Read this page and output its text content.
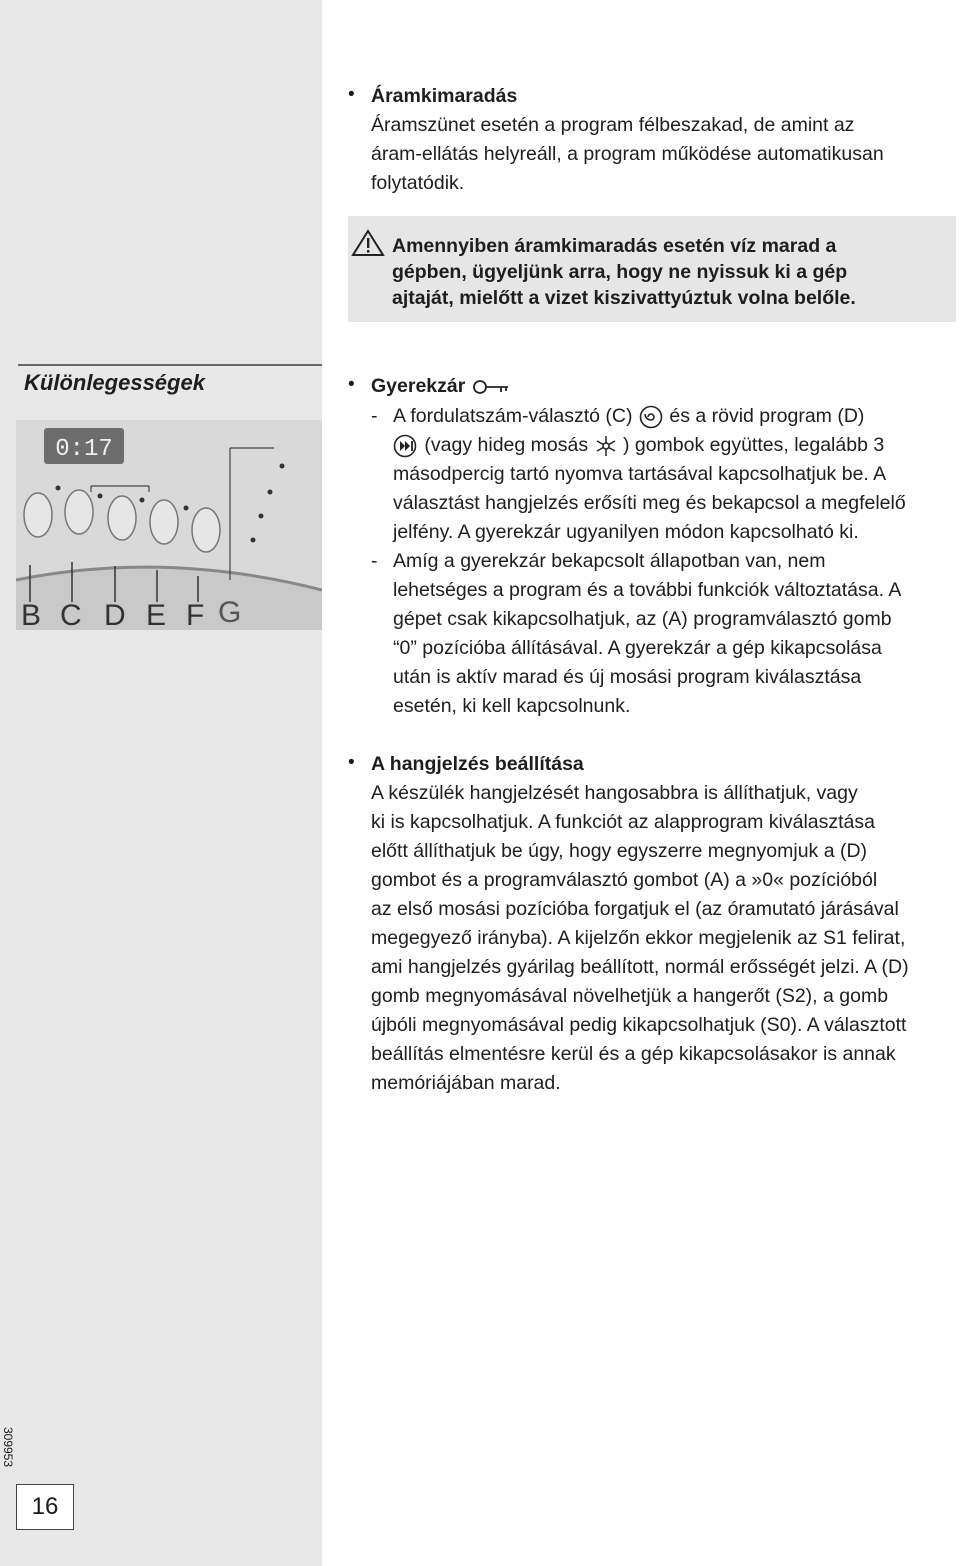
• Áramkimaradás
Áramszünet esetén a program félbeszakad, de amint az
áram-ellátás helyreáll, a program működése automatikusan
folytatódik.
Amennyiben áramkimaradás esetén víz marad a
gépben, ügyeljünk arra, hogy ne nyissuk ki a gép
ajtaját, mielőtt a vizet kiszivattyúztuk volna belőle.
Különlegességek
0:17
B C D E F G
• Gyerekzár
- A fordulatszám-választó (C) és a rövid program (D)
(vagy hideg mosás ) gombok együttes, legalább 3
másodpercig tartó nyomva tartásával kapcsolhatjuk be. A
választást hangjelzés erősíti meg és bekapcsol a megfelelő
jelfény. A gyerekzár ugyanilyen módon kapcsolható ki.
- Amíg a gyerekzár bekapcsolt állapotban van, nem
lehetséges a program és a további funkciók változtatása. A
gépet csak kikapcsolhatjuk, az (A) programválasztó gomb
“0” pozícióba állításával. A gyerekzár a gép kikapcsolása
után is aktív marad és új mosási program kiválasztása
esetén, ki kell kapcsolnunk.
• A hangjelzés beállítása
A készülék hangjelzését hangosabbra is állíthatjuk, vagy
ki is kapcsolhatjuk. A funkciót az alapprogram kiválasztása
előtt állíthatjuk be úgy, hogy egyszerre megnyomjuk a (D)
gombot és a programválasztó gombot (A) a »0« pozícióból
az első mosási pozícióba forgatjuk el (az óramutató járásával
megegyező irányba). A kijelzőn ekkor megjelenik az S1 felirat,
ami hangjelzés gyárilag beállított, normál erősségét jelzi. A (D)
gomb megnyomásával növelhetjük a hangerőt (S2), a gomb
újbóli megnyomásával pedig kikapcsolhatjuk (S0). A választott
beállítás elmentésre kerül és a gép kikapcsolásakor is annak
memóriájában marad.
309953
16
